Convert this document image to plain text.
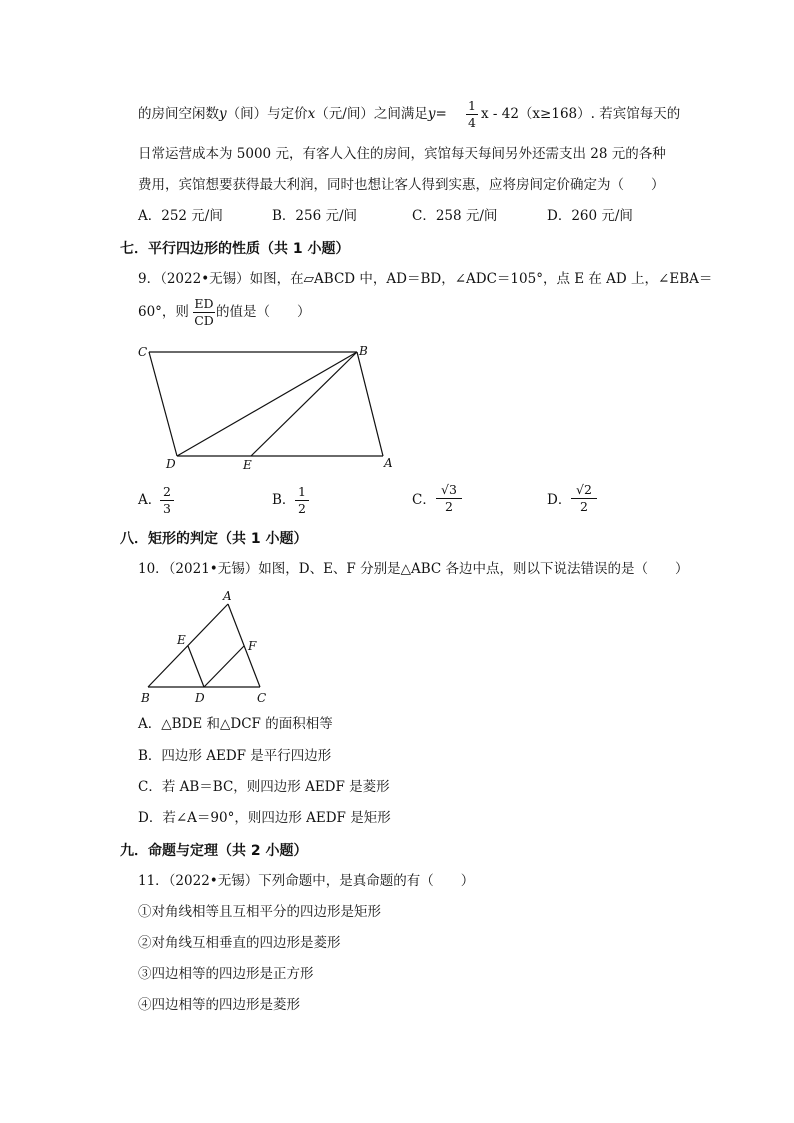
的房间空闲数y（间）与定价x（元/间）之间满足$y= \frac{1}{4}$ x - 42（x≥168）. 若宾馆每天的
日常运营成本为 5000 元，有客人入住的房间，宾馆每天每间另外还需支出 28 元的各种
费用，宾馆想要获得最大利润，同时也想让客人得到实惠，应将房间定价确定为（　　）
A．252 元/间	B．256 元/间	C．258 元/间	D．260 元/间
七．平行四边形的性质（共 1 小题）
9．（2022•无锡）如图，在▱ABCD 中，AD＝BD，∠ADC＝105°，点 E 在 AD 上，∠EBA＝
60°，则 $\frac{ED}{CD}$ 的值是（　　）
C	B
D	E	A
A．
$\frac{2}{3}$	B． $\frac{1}{2}$	C． $\frac{√3}{2}$	D． $\frac{√2}{2}$
八．矩形的判定（共 1 小题）
10．（2021•无锡）如图，D、E、F 分别是△ABC 各边中点，则以下说法错误的是（　　）
A
E	F
B	D	C
A．△BDE 和△DCF 的面积相等
B．四边形 AEDF 是平行四边形
C．若 AB＝BC，则四边形 AEDF 是菱形
D．若∠A＝90°，则四边形 AEDF 是矩形
九．命题与定理（共 2 小题）
11．（2022•无锡）下列命题中，是真命题的有（　　）
①对角线相等且互相平分的四边形是矩形
②对角线互相垂直的四边形是菱形
③四边相等的四边形是正方形
④四边相等的四边形是菱形
